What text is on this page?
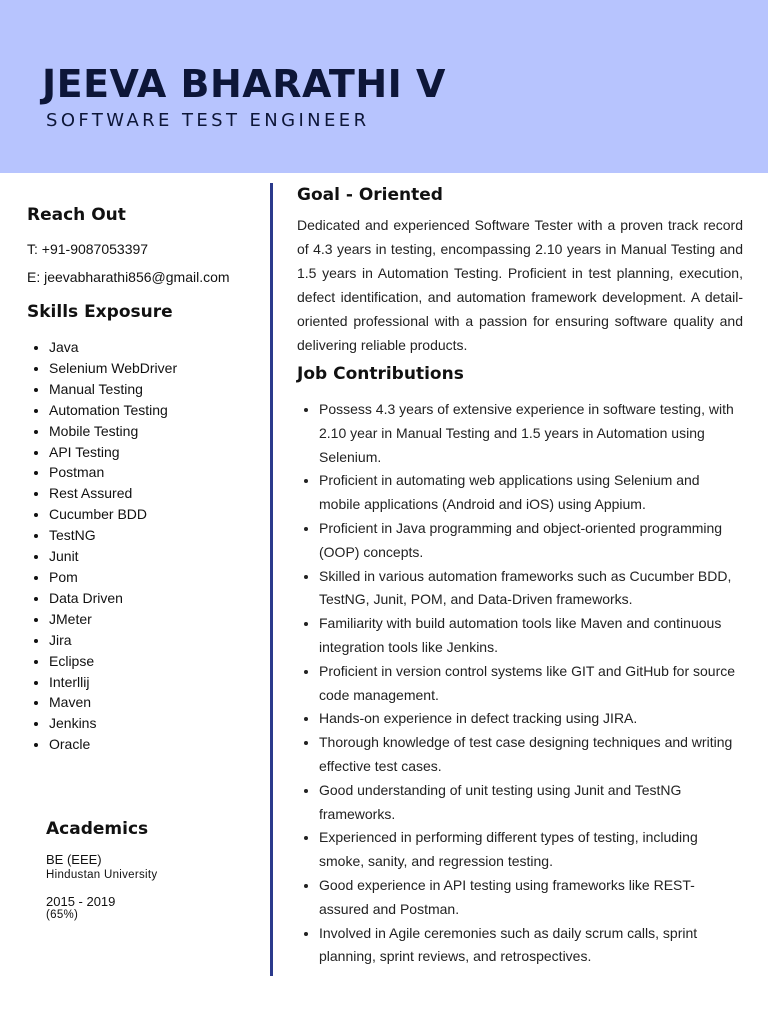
JEEVA BHARATHI V
SOFTWARE TEST ENGINEER
Reach Out
T: +91-9087053397
E: jeevabharathi856@gmail.com
Skills Exposure
• Java
• Selenium WebDriver
• Manual Testing
• Automation Testing
• Mobile Testing
• API Testing
• Postman
• Rest Assured
• Cucumber BDD
• TestNG
• Junit
• Pom
• Data Driven
• JMeter
• Jira
• Eclipse
• Interllij
• Maven
• Jenkins
• Oracle
Academics
BE (EEE)
Hindustan University
2015 - 2019
(65%)
Goal - Oriented

Dedicated and experienced Software Tester with a proven track record of 4.3 years in testing, encompassing 2.10 years in Manual Testing and 1.5 years in Automation Testing. Proficient in test planning, execution, defect identification, and automation framework development. A detail-oriented professional with a passion for ensuring software quality and delivering reliable products.

Job Contributions
• Possess 4.3 years of extensive experience in software testing, with 2.10 year in Manual Testing and 1.5 years in Automation using Selenium.
• Proficient in automating web applications using Selenium and mobile applications (Android and iOS) using Appium.
• Proficient in Java programming and object-oriented programming (OOP) concepts.
• Skilled in various automation frameworks such as Cucumber BDD, TestNG, Junit, POM, and Data-Driven frameworks.
• Familiarity with build automation tools like Maven and continuous integration tools like Jenkins.
• Proficient in version control systems like GIT and GitHub for source code management.
• Hands-on experience in defect tracking using JIRA.
• Thorough knowledge of test case designing techniques and writing effective test cases.
• Good understanding of unit testing using Junit and TestNG frameworks.
• Experienced in performing different types of testing, including smoke, sanity, and regression testing.
• Good experience in API testing using frameworks like REST-assured and Postman.
• Involved in Agile ceremonies such as daily scrum calls, sprint planning, sprint reviews, and retrospectives.
